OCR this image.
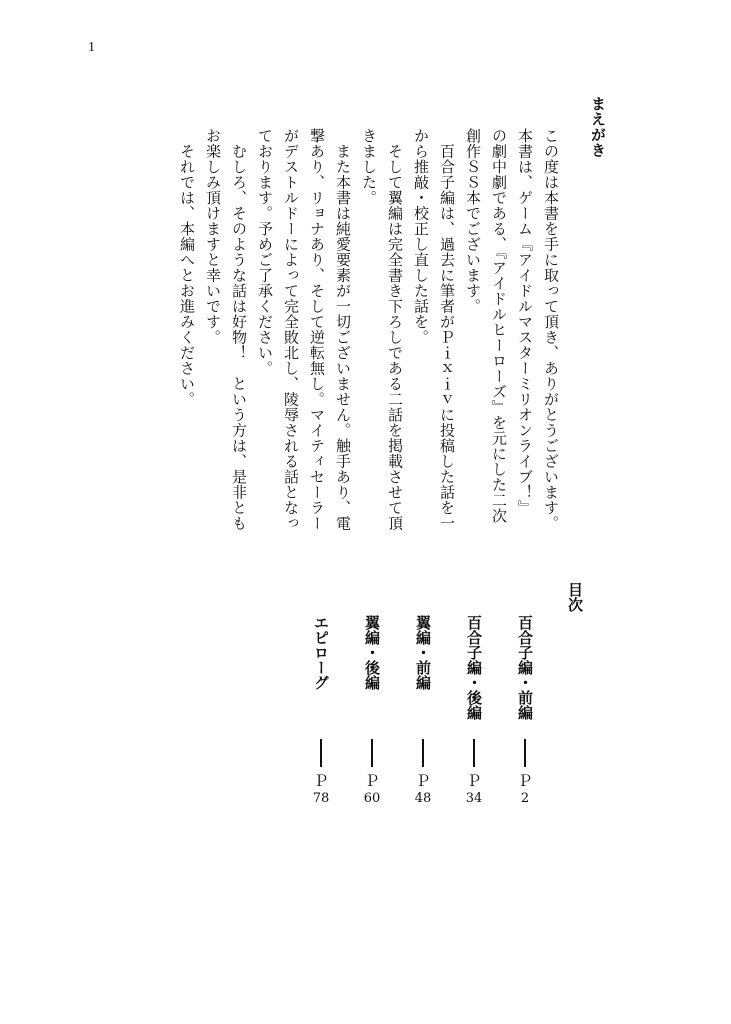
1
まえがき
この度は本書を手に取って頂き、ありがとうございます。
本書は、ゲーム『アイドルマスターミリオンライブ！』
の劇中劇である、『アイドルヒーローズ』を元にした二次
創作ＳＳ本でございます。
　百合子編は、過去に筆者がＰｉｘｉｖに投稿した話を一
から推敲・校正し直した話を。
　そして翼編は完全書き下ろしである二話を掲載させて頂
きました。
　また本書は純愛要素が一切ございません。触手あり、電
撃あり、リョナあり、そして逆転無し。マイティセーラー
がデストルドーによって完全敗北し、陵辱される話となっ
ております。予めご了承ください。
　むしろ、そのような話は好物！　という方は、是非とも
お楽しみ頂けますと幸いです。
　それでは、本編へとお進みください。
目次
百合子編・前編
Ｐ
2
百合子編・後編
Ｐ
34
翼編・前編
Ｐ
48
翼編・後編
Ｐ
60
エピローグ
Ｐ
78
